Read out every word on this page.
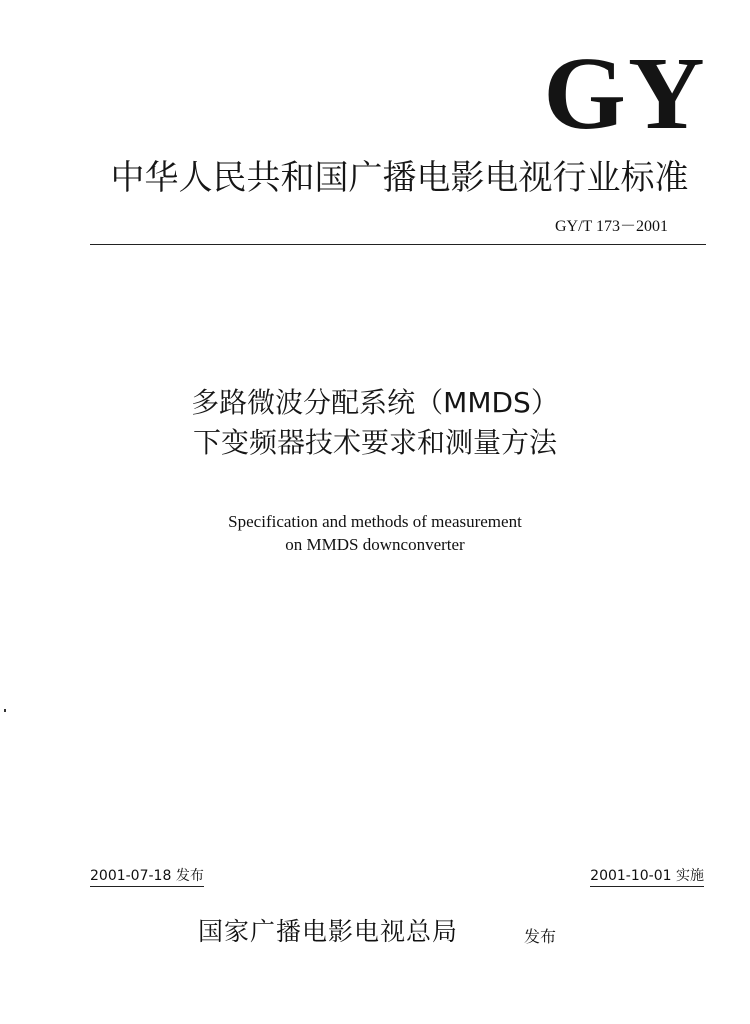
GY
中华人民共和国广播电影电视行业标准
GY/T 173－2001
多路微波分配系统（MMDS）
下变频器技术要求和测量方法
Specification and methods of measurement
on MMDS downconverter
2001-07-18 发布	2001-10-01 实施
国家广播电影电视总局	发布
